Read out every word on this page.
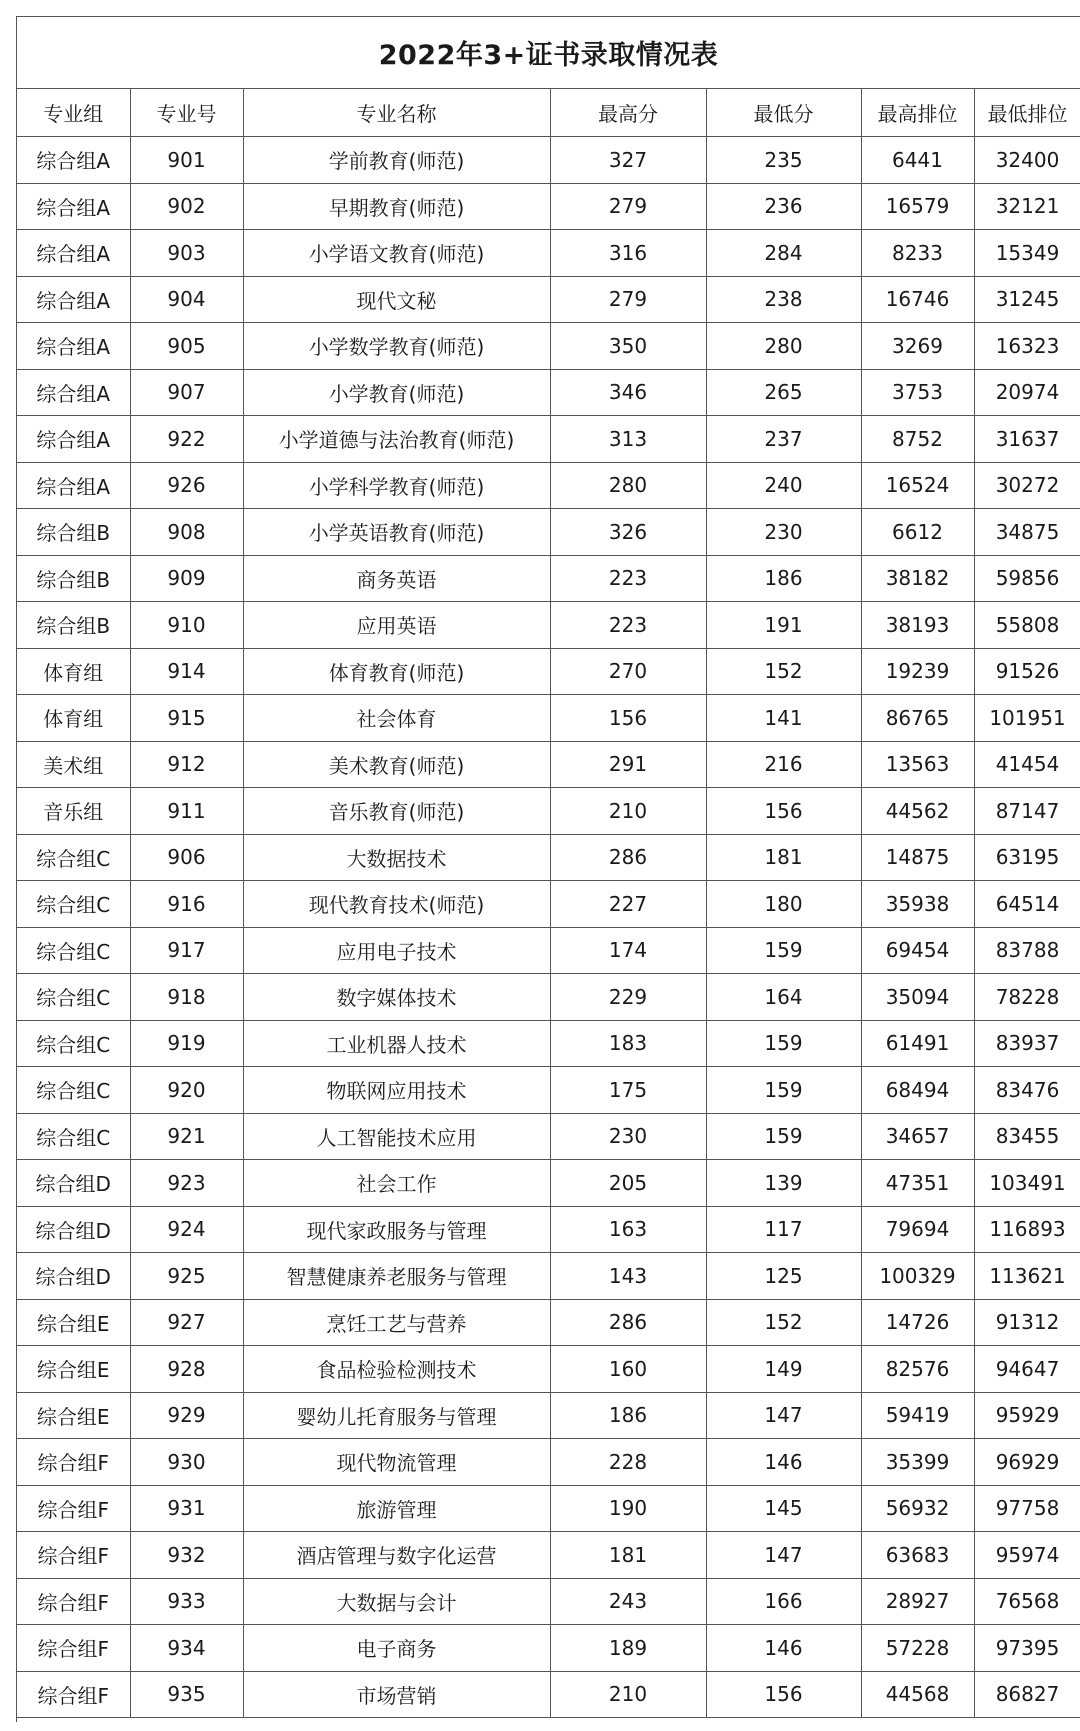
2022年3+证书录取情况表
专业组	专业号	专业名称	最高分	最低分	最高排位	最低排位
综合组A	901	学前教育(师范)	327	235	6441	32400
综合组A	902	早期教育(师范)	279	236	16579	32121
综合组A	903	小学语文教育(师范)	316	284	8233	15349
综合组A	904	现代文秘	279	238	16746	31245
综合组A	905	小学数学教育(师范)	350	280	3269	16323
综合组A	907	小学教育(师范)	346	265	3753	20974
综合组A	922	小学道德与法治教育(师范)	313	237	8752	31637
综合组A	926	小学科学教育(师范)	280	240	16524	30272
综合组B	908	小学英语教育(师范)	326	230	6612	34875
综合组B	909	商务英语	223	186	38182	59856
综合组B	910	应用英语	223	191	38193	55808
体育组	914	体育教育(师范)	270	152	19239	91526
体育组	915	社会体育	156	141	86765	101951
美术组	912	美术教育(师范)	291	216	13563	41454
音乐组	911	音乐教育(师范)	210	156	44562	87147
综合组C	906	大数据技术	286	181	14875	63195
综合组C	916	现代教育技术(师范)	227	180	35938	64514
综合组C	917	应用电子技术	174	159	69454	83788
综合组C	918	数字媒体技术	229	164	35094	78228
综合组C	919	工业机器人技术	183	159	61491	83937
综合组C	920	物联网应用技术	175	159	68494	83476
综合组C	921	人工智能技术应用	230	159	34657	83455
综合组D	923	社会工作	205	139	47351	103491
综合组D	924	现代家政服务与管理	163	117	79694	116893
综合组D	925	智慧健康养老服务与管理	143	125	100329	113621
综合组E	927	烹饪工艺与营养	286	152	14726	91312
综合组E	928	食品检验检测技术	160	149	82576	94647
综合组E	929	婴幼儿托育服务与管理	186	147	59419	95929
综合组F	930	现代物流管理	228	146	35399	96929
综合组F	931	旅游管理	190	145	56932	97758
综合组F	932	酒店管理与数字化运营	181	147	63683	95974
综合组F	933	大数据与会计	243	166	28927	76568
综合组F	934	电子商务	189	146	57228	97395
综合组F	935	市场营销	210	156	44568	86827
